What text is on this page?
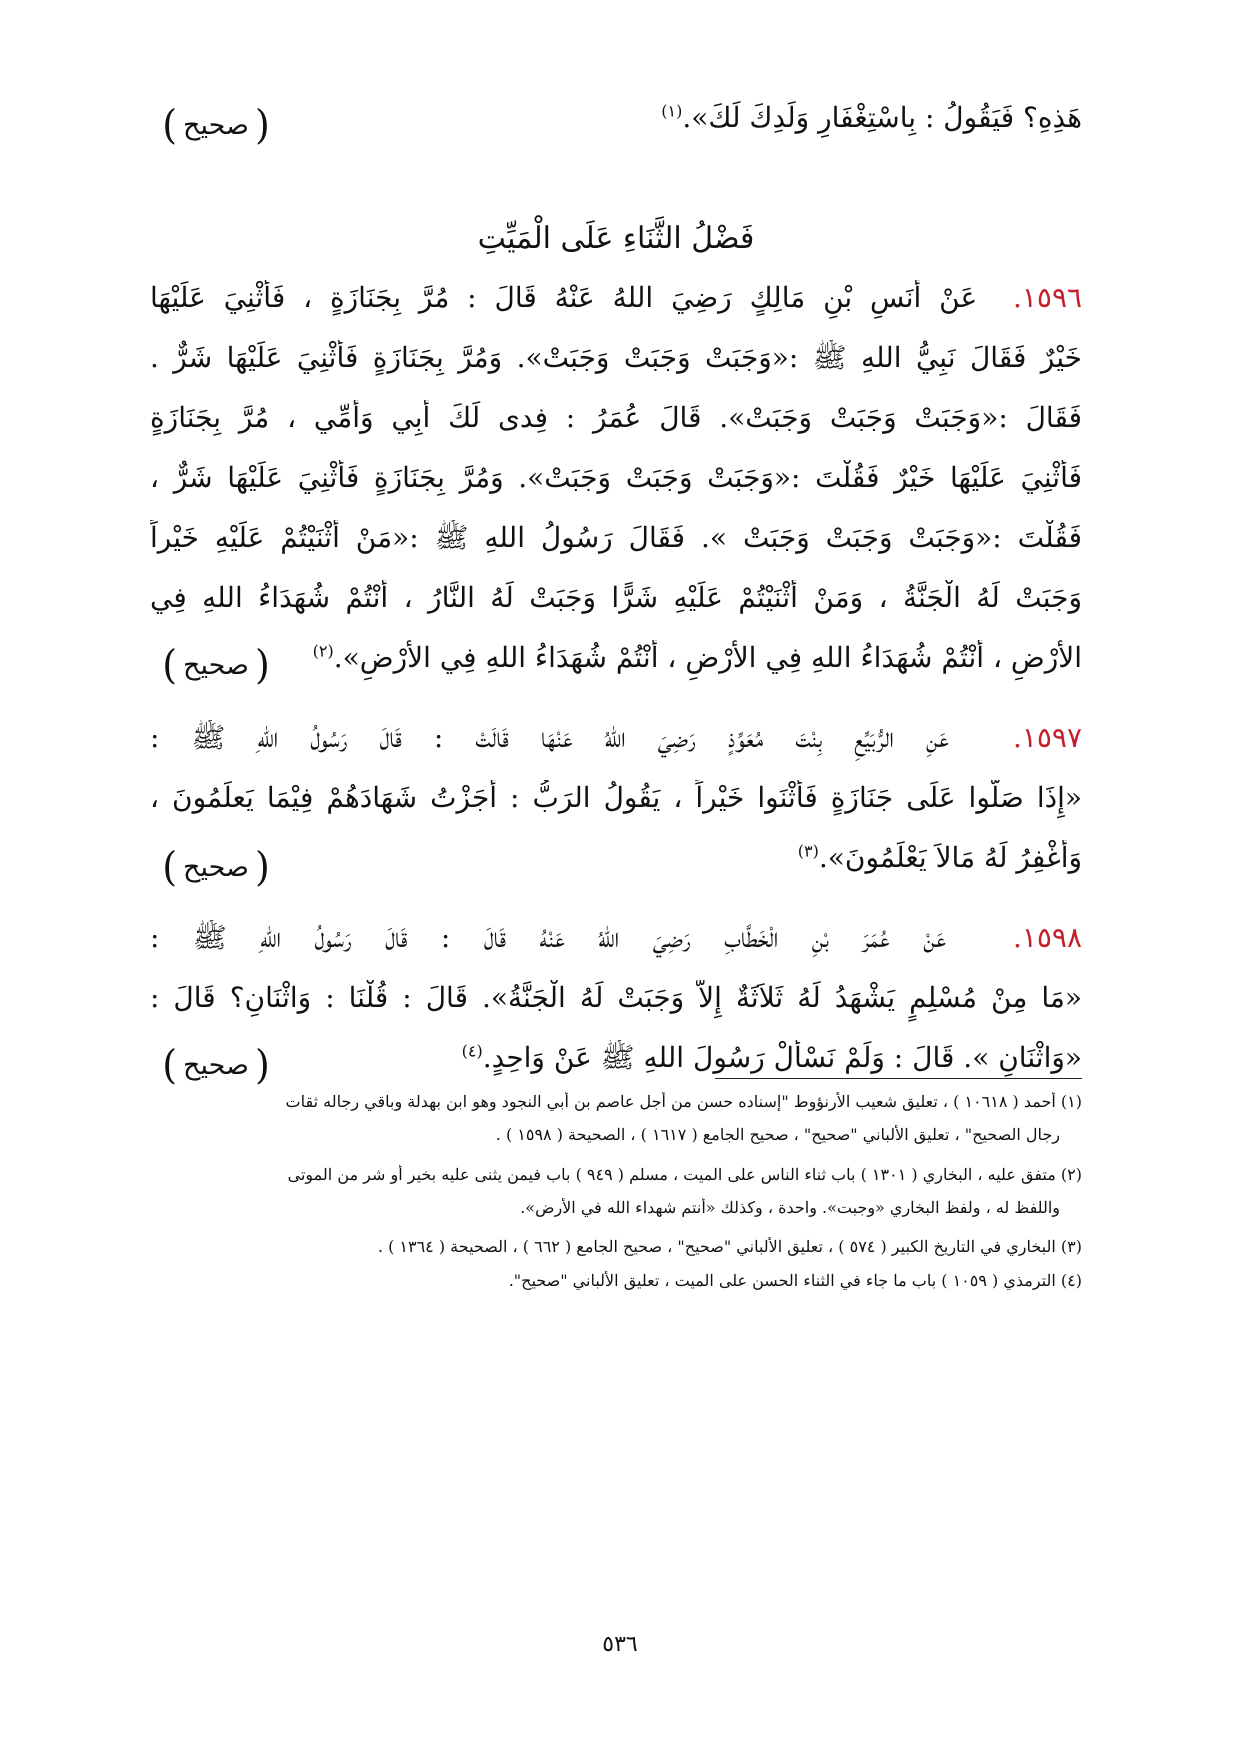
هَذِهِ؟ فَيَقُولُ : بِاسْتِغْفَارِ وَلَدِكَ لَكَ».$^{(١)}$
(
صحيح
)
فَضْلُ الثَّنَاءِ عَلَى الْمَيِّتِ
١٥٩٦.  عَنْ أَنَسِ بْنِ مَالِكٍ رَضِيَ اللهُ عَنْهُ قَالَ : مُرَّ بِجَنَازَةٍ ، فَأُثْنِيَ عَلَيْهَا
خَيْرٌ فَقَالَ نَبِيُّ اللهِ ﷺ :«وَجَبَتْ وَجَبَتْ وَجَبَتْ». وَمُرَّ بِجَنَازَةٍ فَأُثْنِيَ عَلَيْهَا شَرٌّ .
فَقَالَ :«وَجَبَتْ وَجَبَتْ وَجَبَتْ». قَالَ عُمَرُ : فِدى لَكَ أَبِي وَأُمِّي ، مُرَّ بِجَنَازَةٍ
فَأُثْنِيَ عَلَيْهَا خَيْرٌ فَقُلْتَ :«وَجَبَتْ وَجَبَتْ وَجَبَتْ». وَمُرَّ بِجَنَازَةٍ فَأُثْنِيَ عَلَيْهَا شَرٌّ ،
فَقُلْتَ :«وَجَبَتْ وَجَبَتْ وَجَبَتْ ». فَقَالَ رَسُولُ اللهِ ﷺ :«مَنْ أَثْنَيْتُمْ عَلَيْهِ خَيْراً
وَجَبَتْ لَهُ الْجَنَّةُ ، وَمَنْ أَثْنَيْتُمْ عَلَيْهِ شَرًّا وَجَبَتْ لَهُ النَّارُ ، أَنْتُمْ شُهَدَاءُ اللهِ فِي
الأَرْضِ ، أَنْتُمْ شُهَدَاءُ اللهِ فِي الأَرْضِ ، أَنْتُمْ شُهَدَاءُ اللهِ فِي الأَرْضِ».$^{(٢)}$
(
صحيح
)
١٥٩٧.  عَنِ الرُّبَيِّعِ بِنْتَ مُعَوِّذٍ رَضِيَ اللهُ عَنْهَا قَالَتْ : قَالَ رَسُولُ اللهِ ﷺ :
«إِذَا صَلَّوا عَلَى جَنَازَةٍ فَأَثْنَوا خَيْراً ، يَقُولُ الرَبُّ : أَجَزْتُ شَهَادَهُمْ فِيْمَا يَعلَمُونَ ،
وَأَغْفِرُ لَهُ مَالاَ يَعْلَمُونَ».$^{(٣)}$
(
صحيح
)
١٥٩٨.  عَنْ عُمَرَ بْنِ الْخَطَّابِ رَضِيَ اللهُ عَنْهُ قَالَ : قَالَ رَسُولُ اللهِ ﷺ :
«مَا مِنْ مُسْلِمٍ يَشْهَدُ لَهُ ثَلاَثَةٌ إِلاَّ وَجَبَتْ لَهُ الْجَنَّةُ». قَالَ : قُلْنَا : وَاثْنَانِ؟ قَالَ :
«وَاثْنَانِ ». قَالَ : وَلَمْ نَسْأَلْ رَسُولَ اللهِ ﷺ عَنْ وَاحِدٍ.$^{(٤)}$
(
صحيح
)
(١) أحمد ( ١٠٦١٨ ) ، تعليق شعيب الأرنؤوط "إسناده حسن من أجل عاصم بن أبي النجود وهو ابن بهدلة وباقي رجاله ثقات
رجال الصحيح" ، تعليق الألباني "صحيح" ، صحيح الجامع ( ١٦١٧ ) ، الصحيحة ( ١٥٩٨ ) .
(٢) متفق عليه ، البخاري ( ١٣٠١ ) باب ثناء الناس على الميت ، مسلم ( ٩٤٩ ) باب فيمن يثنى عليه بخير أو شر من الموتى
واللفظ له ، ولفظ البخاري «وجبت». واحدة ، وكذلك «أنتم شهداء الله في الأرض».
(٣) البخاري في التاريخ الكبير ( ٥٧٤ ) ، تعليق الألباني "صحيح" ، صحيح الجامع ( ٦٦٢ ) ، الصحيحة ( ١٣٦٤ ) .
(٤) الترمذي ( ١٠٥٩ ) باب ما جاء في الثناء الحسن على الميت ، تعليق الألباني "صحيح".
٥٣٦
